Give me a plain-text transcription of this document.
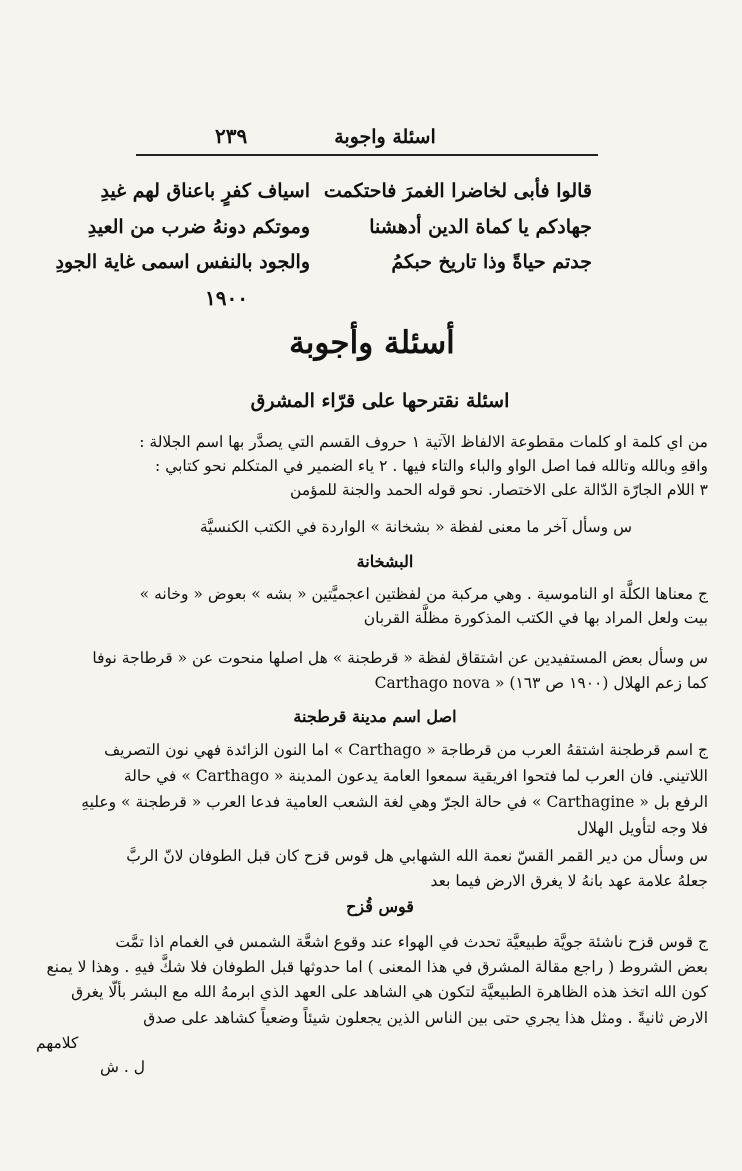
اسئلة واجوبة
٢٣٩
قالوا فأبى لخاضرا الغمرَ فاحتكمت
اسياف كفرٍ باعناق لهم غيدِ
جهادكم يا كماة الدين أدهشنا
وموتكم دونهُ ضرب من العيدِ
جدتم حياةً وذا تاريخ حبكمُ
والجود بالنفس اسمى غاية الجودِ
١٩٠٠
أسئلة وأجوبة
اسئلة نقترحها على قرّاء المشرق
من اي كلمة او كلمات مقطوعة الالفاظ الآتية ١ حروف القسم التي يصدَّر بها اسم الجلالة :
واقهِ وبالله وتالله فما اصل الواو والباء والتاء فيها . ٢ ياء الضمير في المتكلم نحو كتابي :
٣ اللام الجارّة الدّالة على الاختصار. نحو قوله الحمد والجنة للمؤمن
س وسأل آخر ما معنى لفظة « بشخانة » الواردة في الكتب الكنسيَّة
البشخانة
ج معناها الكلَّة او الناموسية . وهي مركبة من لفظتين اعجميَّتين « بشه » بعوض « وخانه »
بيت ولعل المراد بها في الكتب المذكورة مظلَّة القربان
س وسأل بعض المستفيدين عن اشتقاق لفظة « قرطجنة » هل اصلها منحوت عن « قرطاجة نوفا
Carthago nova » كما زعم الهلال (١٩٠٠ ص ١٦٣)
اصل اسم مدينة قرطجنة
ج اسم قرطجنة اشتقهُ العرب من قرطاجة « Carthago » اما النون الزائدة فهي نون التصريف
اللاتيني. فان العرب لما فتحوا افريقية سمعوا العامة يدعون المدينة « Carthago » في حالة
الرفع بل « Carthagine » في حالة الجرّ وهي لغة الشعب العامية فدعا العرب « قرطجنة » وعليهِ
فلا وجه لتأويل الهلال
س وسأل من دير القمر القسّ نعمة الله الشهابي هل قوس قزح كان قبل الطوفان لانّ الربَّ
جعلهُ علامة عهد بانهُ لا يغرق الارض فيما بعد
قوس قُزح
ج قوس قزح ناشئة جويَّة طبيعيَّة تحدث في الهواء عند وقوع اشعَّة الشمس في الغمام اذا تمَّت
بعض الشروط ( راجع مقالة المشرق في هذا المعنى ) اما حدوثها قبل الطوفان فلا شكَّ فيهِ . وهذا لا يمنع
كون الله اتخذ هذه الظاهرة الطبيعيَّة لتكون هي الشاهد على العهد الذي ابرمهُ الله مع البشر بألّا يغرق
الارض ثانيةً . ومثل هذا يجري حتى بين الناس الذين يجعلون شيئاً وضعياً كشاهد على صدق
كلامهم
ل . ش
